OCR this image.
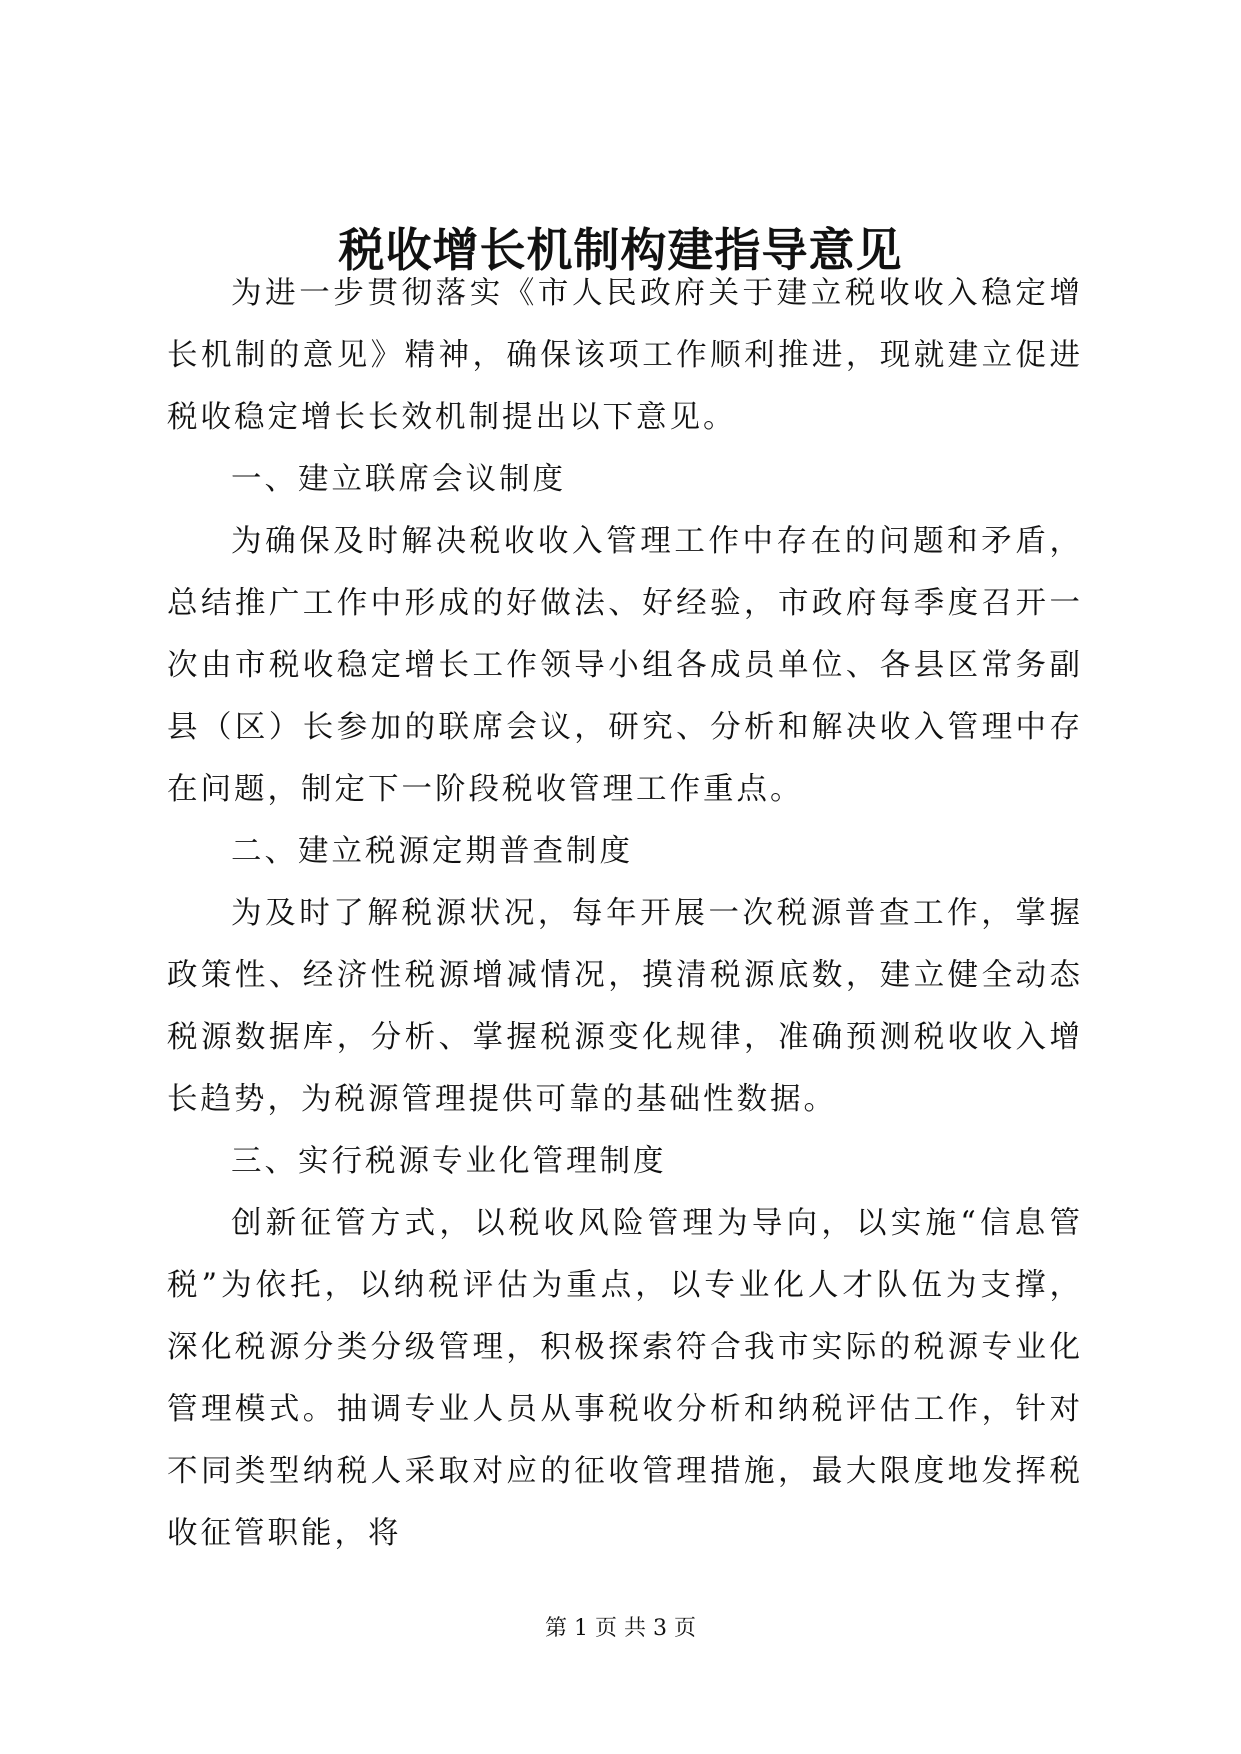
税收增长机制构建指导意见

为进一步贯彻落实《市人民政府关于建立税收收入稳定增长机制的意见》精神，确保该项工作顺利推进，现就建立促进税收稳定增长长效机制提出以下意见。

一、建立联席会议制度

为确保及时解决税收收入管理工作中存在的问题和矛盾，总结推广工作中形成的好做法、好经验，市政府每季度召开一次由市税收稳定增长工作领导小组各成员单位、各县区常务副县（区）长参加的联席会议，研究、分析和解决收入管理中存在问题，制定下一阶段税收管理工作重点。

二、建立税源定期普查制度

为及时了解税源状况，每年开展一次税源普查工作，掌握政策性、经济性税源增减情况，摸清税源底数，建立健全动态税源数据库，分析、掌握税源变化规律，准确预测税收收入增长趋势，为税源管理提供可靠的基础性数据。

三、实行税源专业化管理制度

创新征管方式，以税收风险管理为导向，以实施“信息管税”为依托，以纳税评估为重点，以专业化人才队伍为支撑，深化税源分类分级管理，积极探索符合我市实际的税源专业化管理模式。抽调专业人员从事税收分析和纳税评估工作，针对不同类型纳税人采取对应的征收管理措施，最大限度地发挥税收征管职能，将

第 1 页 共 3 页
